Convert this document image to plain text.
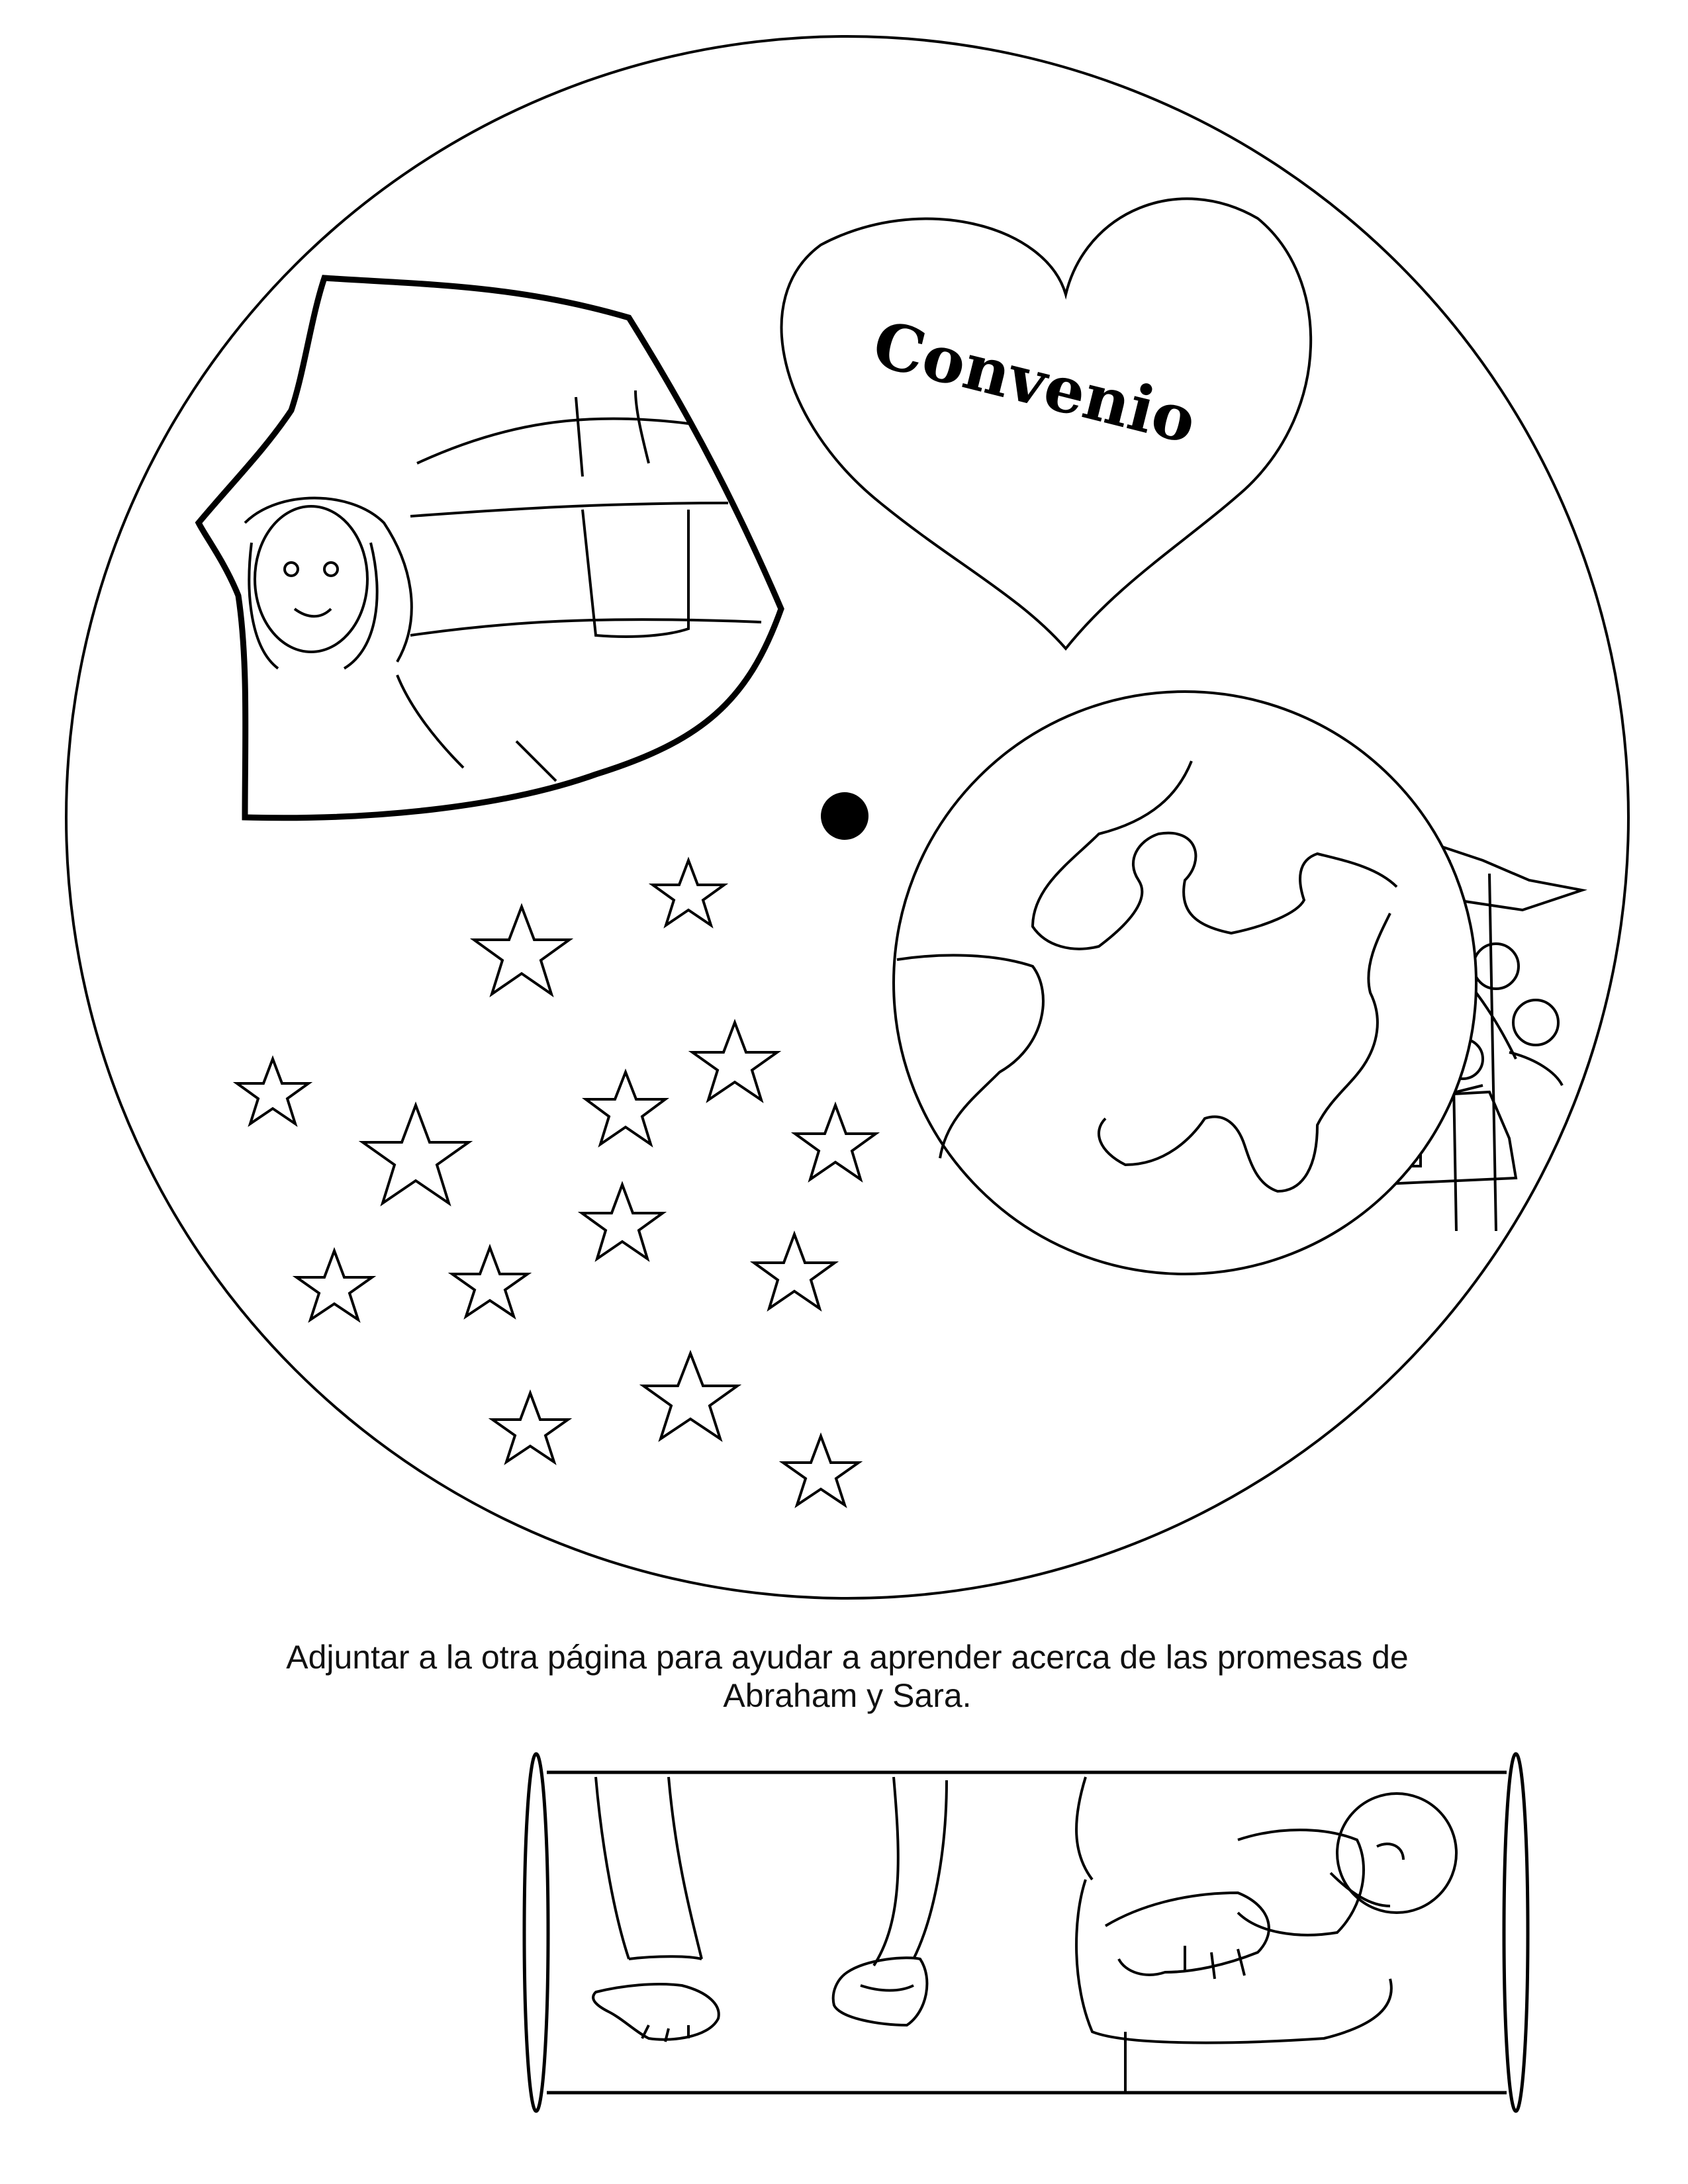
Convenio
Adjuntar a la otra página para ayudar a aprender acerca de las promesas de
Abraham y Sara.
